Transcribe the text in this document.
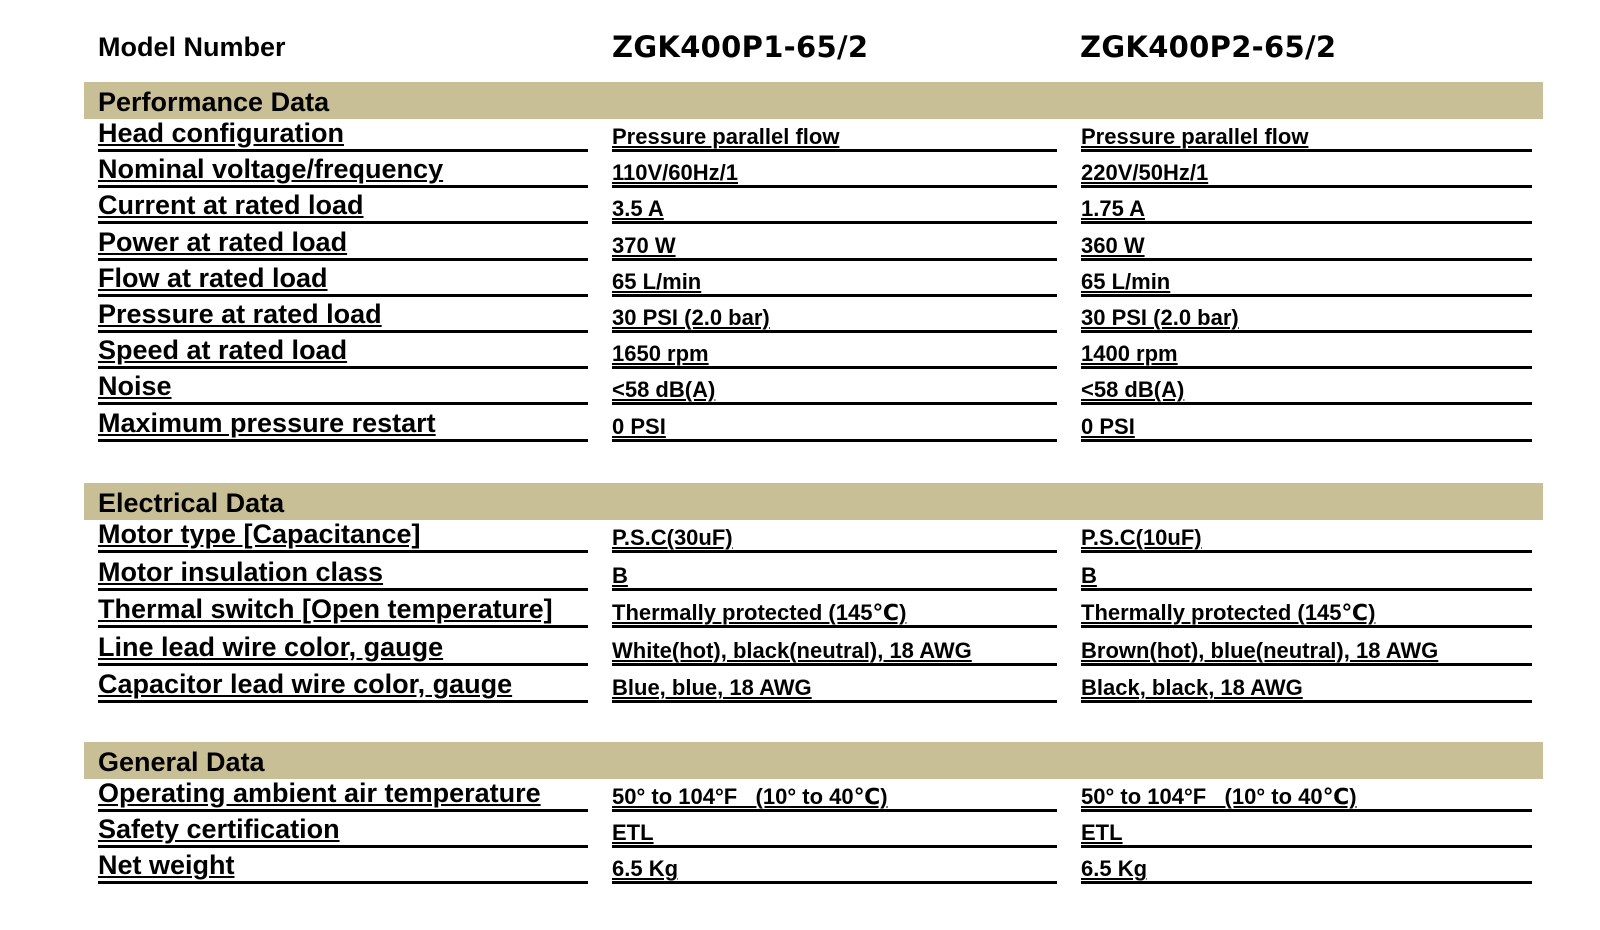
Model Number	ZGK400P1-65/2	ZGK400P2-65/2
Performance Data
Head configuration	Pressure parallel flow	Pressure parallel flow
Nominal voltage/frequency	110V/60Hz/1	220V/50Hz/1
Current at rated load	3.5 A	1.75 A
Power at rated load	370 W	360 W
Flow at rated load	65 L/min	65 L/min
Pressure at rated load	30 PSI (2.0 bar)	30 PSI (2.0 bar)
Speed at rated load	1650 rpm	1400 rpm
Noise	<58 dB(A)	<58 dB(A)
Maximum pressure restart	0 PSI	0 PSI
Electrical Data
Motor type [Capacitance]	P.S.C(30uF)	P.S.C(10uF)
Motor insulation class	B	B
Thermal switch [Open temperature]	Thermally protected (145℃)	Thermally protected (145℃)
Line lead wire color, gauge	White(hot), black(neutral), 18 AWG	Brown(hot), blue(neutral), 18 AWG
Capacitor lead wire color, gauge	Blue, blue, 18 AWG	Black, black, 18 AWG
General Data
Operating ambient air temperature	50° to 104°F   (10° to 40℃)	50° to 104°F   (10° to 40℃)
Safety certification	ETL	ETL
Net weight	6.5 Kg	6.5 Kg
